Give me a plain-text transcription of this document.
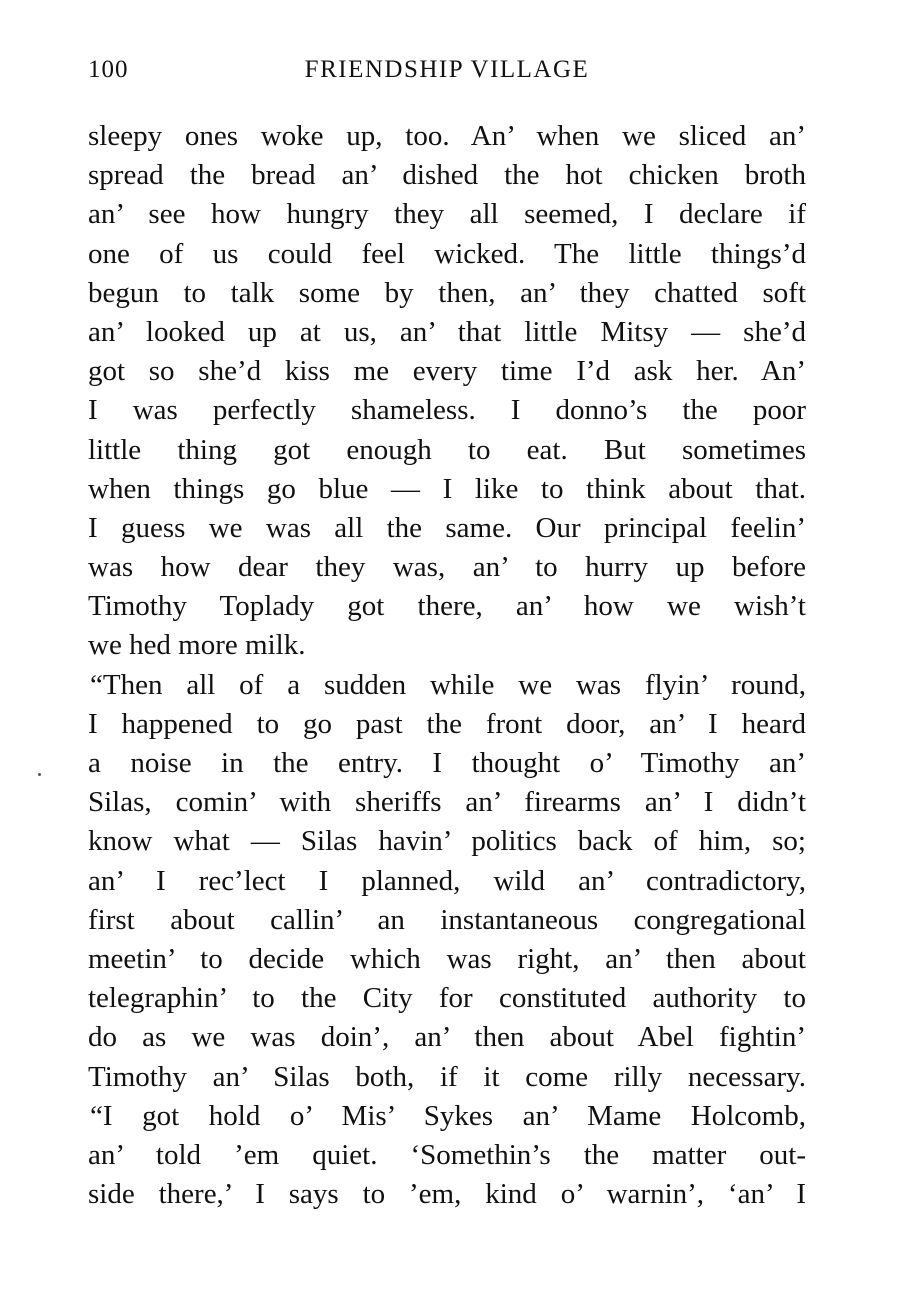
100	FRIENDSHIP VILLAGE
sleepy ones woke up, too. An’ when we sliced an’
spread the bread an’ dished the hot chicken broth
an’ see how hungry they all seemed, I declare if
one of us could feel wicked. The little things’d
begun to talk some by then, an’ they chatted soft
an’ looked up at us, an’ that little Mitsy — she’d
got so she’d kiss me every time I’d ask her. An’
I was perfectly shameless. I donno’s the poor
little thing got enough to eat. But sometimes
when things go blue — I like to think about that.
I guess we was all the same. Our principal feelin’
was how dear they was, an’ to hurry up before
Timothy Toplady got there, an’ how we wish’t
we hed more milk.
“Then all of a sudden while we was flyin’ round,
I happened to go past the front door, an’ I heard
a noise in the entry. I thought o’ Timothy an’
Silas, comin’ with sheriffs an’ firearms an’ I didn’t
know what — Silas havin’ politics back of him, so;
an’ I rec’lect I planned, wild an’ contradictory,
first about callin’ an instantaneous congregational
meetin’ to decide which was right, an’ then about
telegraphin’ to the City for constituted authority to
do as we was doin’, an’ then about Abel fightin’
Timothy an’ Silas both, if it come rilly necessary.
“I got hold o’ Mis’ Sykes an’ Mame Holcomb,
an’ told ’em quiet. ‘Somethin’s the matter out-
side there,’ I says to ’em, kind o’ warnin’, ‘an’ I
